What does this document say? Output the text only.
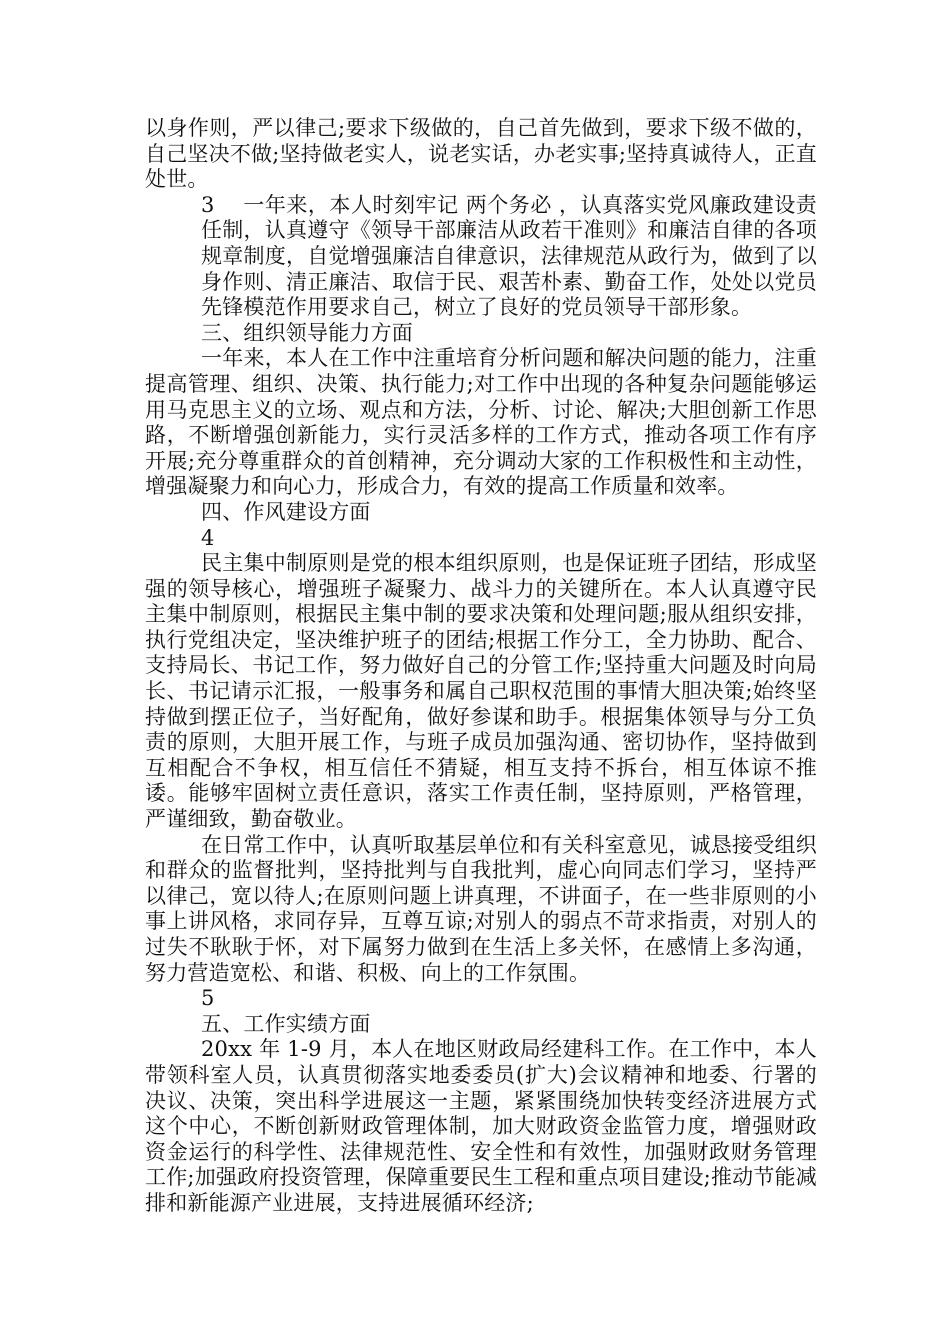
以身作则，严以律己;要求下级做的，自己首先做到，要求下级不做的，自己坚决不做;坚持做老实人，说老实话，办老实事;坚持真诚待人，正直处世。

3 一年来，本人时刻牢记 两个务必 ，认真落实党风廉政建设责任制，认真遵守《领导干部廉洁从政若干准则》和廉洁自律的各项规章制度，自觉增强廉洁自律意识，法律规范从政行为，做到了以身作则、清正廉洁、取信于民、艰苦朴素、勤奋工作，处处以党员先锋模范作用要求自己，树立了良好的党员领导干部形象。

三、组织领导能力方面

一年来，本人在工作中注重培育分析问题和解决问题的能力，注重提高管理、组织、决策、执行能力;对工作中出现的各种复杂问题能够运用马克思主义的立场、观点和方法，分析、讨论、解决;大胆创新工作思路，不断增强创新能力，实行灵活多样的工作方式，推动各项工作有序开展;充分尊重群众的首创精神，充分调动大家的工作积极性和主动性，增强凝聚力和向心力，形成合力，有效的提高工作质量和效率。

四、作风建设方面

4

民主集中制原则是党的根本组织原则，也是保证班子团结，形成坚强的领导核心，增强班子凝聚力、战斗力的关键所在。本人认真遵守民主集中制原则，根据民主集中制的要求决策和处理问题;服从组织安排，执行党组决定，坚决维护班子的团结;根据工作分工，全力协助、配合、支持局长、书记工作，努力做好自己的分管工作;坚持重大问题及时向局长、书记请示汇报，一般事务和属自己职权范围的事情大胆决策;始终坚持做到摆正位子，当好配角，做好参谋和助手。根据集体领导与分工负责的原则，大胆开展工作，与班子成员加强沟通、密切协作，坚持做到互相配合不争权，相互信任不猜疑，相互支持不拆台，相互体谅不推诿。能够牢固树立责任意识，落实工作责任制，坚持原则，严格管理，严谨细致，勤奋敬业。

在日常工作中，认真听取基层单位和有关科室意见，诚恳接受组织和群众的监督批判，坚持批判与自我批判，虚心向同志们学习，坚持严以律己，宽以待人;在原则问题上讲真理，不讲面子，在一些非原则的小事上讲风格，求同存异，互尊互谅;对别人的弱点不苛求指责，对别人的过失不耿耿于怀，对下属努力做到在生活上多关怀，在感情上多沟通，努力营造宽松、和谐、积极、向上的工作氛围。

5

五、工作实绩方面

20xx 年 1-9 月，本人在地区财政局经建科工作。在工作中，本人带领科室人员，认真贯彻落实地委委员(扩大)会议精神和地委、行署的决议、决策，突出科学进展这一主题，紧紧围绕加快转变经济进展方式这个中心，不断创新财政管理体制，加大财政资金监管力度，增强财政资金运行的科学性、法律规范性、安全性和有效性，加强财政财务管理工作;加强政府投资管理，保障重要民生工程和重点项目建设;推动节能减排和新能源产业进展，支持进展循环经济;
